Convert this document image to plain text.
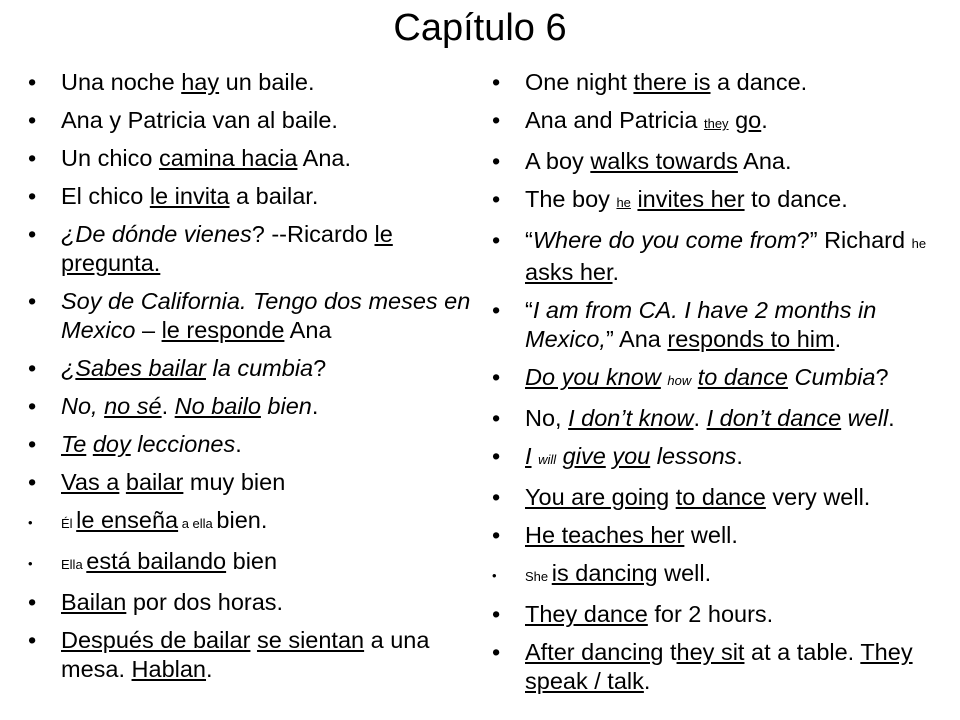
Capítulo 6
•	Una noche hay un baile.
•	Ana y Patricia van al baile.
•	Un chico camina hacia Ana.
•	El chico le invita a bailar.
•	¿De dónde vienes? --Ricardo le pregunta.
•	Soy de California. Tengo dos meses en Mexico – le responde Ana
•	¿Sabes bailar la cumbia?
•	No, no sé. No bailo bien.
•	Te doy lecciones.
•	Vas a bailar muy bien
•	Él le enseña a ella bien.
•	Ella está bailando bien
•	Bailan por dos horas.
•	Después de bailar se sientan a una mesa. Hablan.
•	One night there is a dance.
•	Ana and Patricia they go.
•	A boy walks towards Ana.
•	The boy he invites her to dance.
•	“Where do you come from?” Richard he asks her.
•	“I am from CA. I have 2 months in Mexico,” Ana responds to him.
•	Do you know how to dance Cumbia?
•	No, I don’t know. I don’t dance well.
•	I will give you lessons.
•	You are going to dance very well.
•	He teaches her well.
•	She is dancing well.
•	They dance for 2 hours.
•	After dancing they sit at a table. They speak / talk.
